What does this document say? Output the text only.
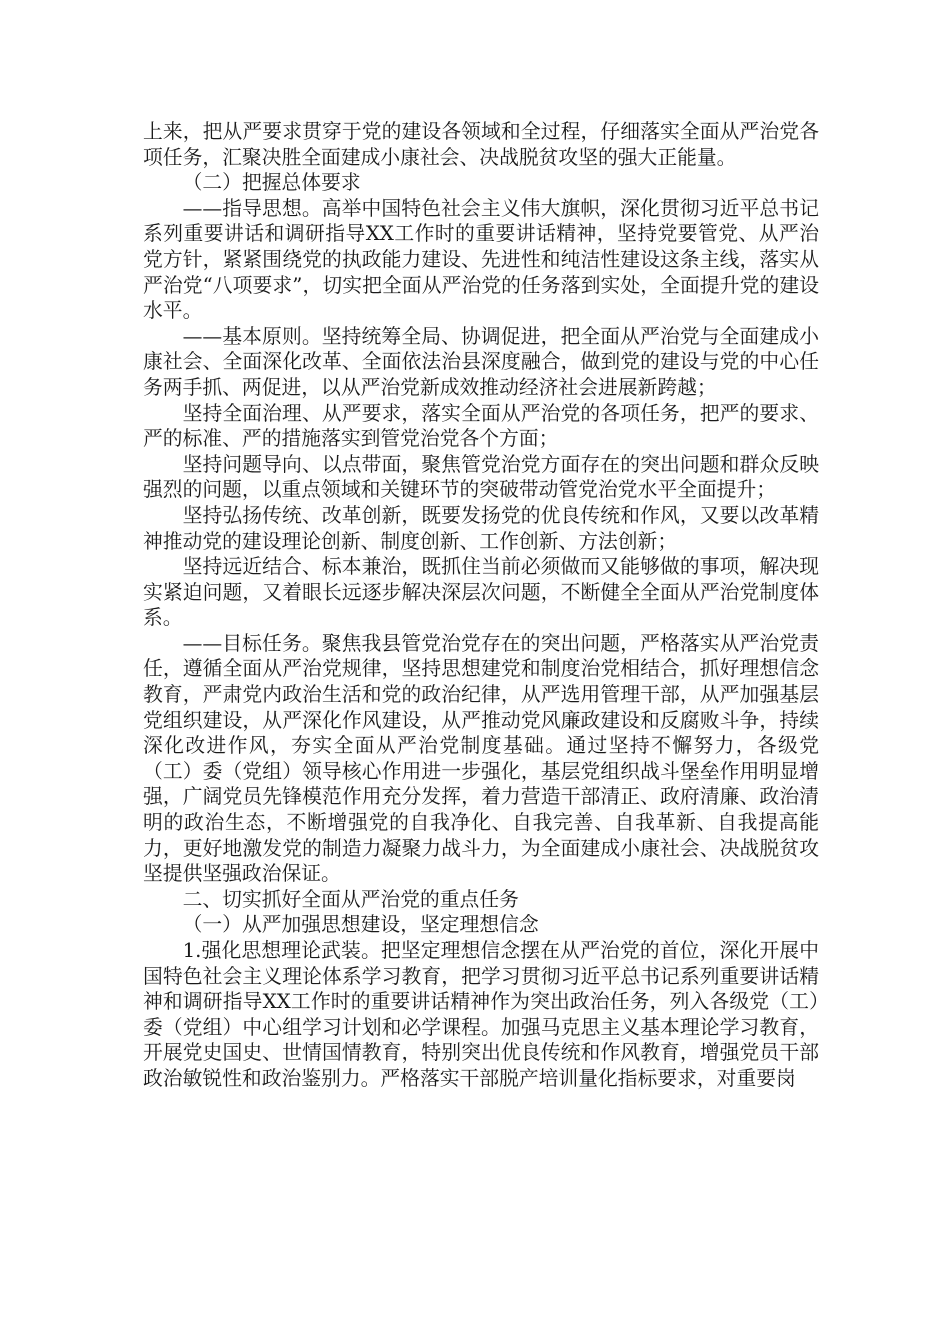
上来，把从严要求贯穿于党的建设各领域和全过程，仔细落实全面从严治党各项任务，汇聚决胜全面建成小康社会、决战脱贫攻坚的强大正能量。

（二）把握总体要求

——指导思想。高举中国特色社会主义伟大旗帜，深化贯彻习近平总书记系列重要讲话和调研指导XX工作时的重要讲话精神，坚持党要管党、从严治党方针，紧紧围绕党的执政能力建设、先进性和纯洁性建设这条主线，落实从严治党“八项要求”，切实把全面从严治党的任务落到实处，全面提升党的建设水平。

——基本原则。坚持统筹全局、协调促进，把全面从严治党与全面建成小康社会、全面深化改革、全面依法治县深度融合，做到党的建设与党的中心任务两手抓、两促进，以从严治党新成效推动经济社会进展新跨越；

坚持全面治理、从严要求，落实全面从严治党的各项任务，把严的要求、严的标准、严的措施落实到管党治党各个方面；

坚持问题导向、以点带面，聚焦管党治党方面存在的突出问题和群众反映强烈的问题，以重点领域和关键环节的突破带动管党治党水平全面提升；

坚持弘扬传统、改革创新，既要发扬党的优良传统和作风，又要以改革精神推动党的建设理论创新、制度创新、工作创新、方法创新；

坚持远近结合、标本兼治，既抓住当前必须做而又能够做的事项，解决现实紧迫问题，又着眼长远逐步解决深层次问题，不断健全全面从严治党制度体系。

——目标任务。聚焦我县管党治党存在的突出问题，严格落实从严治党责任，遵循全面从严治党规律，坚持思想建党和制度治党相结合，抓好理想信念教育，严肃党内政治生活和党的政治纪律，从严选用管理干部，从严加强基层党组织建设，从严深化作风建设，从严推动党风廉政建设和反腐败斗争，持续深化改进作风，夯实全面从严治党制度基础。通过坚持不懈努力，各级党（工）委（党组）领导核心作用进一步强化，基层党组织战斗堡垒作用明显增强，广阔党员先锋模范作用充分发挥，着力营造干部清正、政府清廉、政治清明的政治生态，不断增强党的自我净化、自我完善、自我革新、自我提高能力，更好地激发党的制造力凝聚力战斗力，为全面建成小康社会、决战脱贫攻坚提供坚强政治保证。

二、切实抓好全面从严治党的重点任务

（一）从严加强思想建设，坚定理想信念

1.强化思想理论武装。把坚定理想信念摆在从严治党的首位，深化开展中国特色社会主义理论体系学习教育，把学习贯彻习近平总书记系列重要讲话精神和调研指导XX工作时的重要讲话精神作为突出政治任务，列入各级党（工）委（党组）中心组学习计划和必学课程。加强马克思主义基本理论学习教育，开展党史国史、世情国情教育，特别突出优良传统和作风教育，增强党员干部政治敏锐性和政治鉴别力。严格落实干部脱产培训量化指标要求，对重要岗
